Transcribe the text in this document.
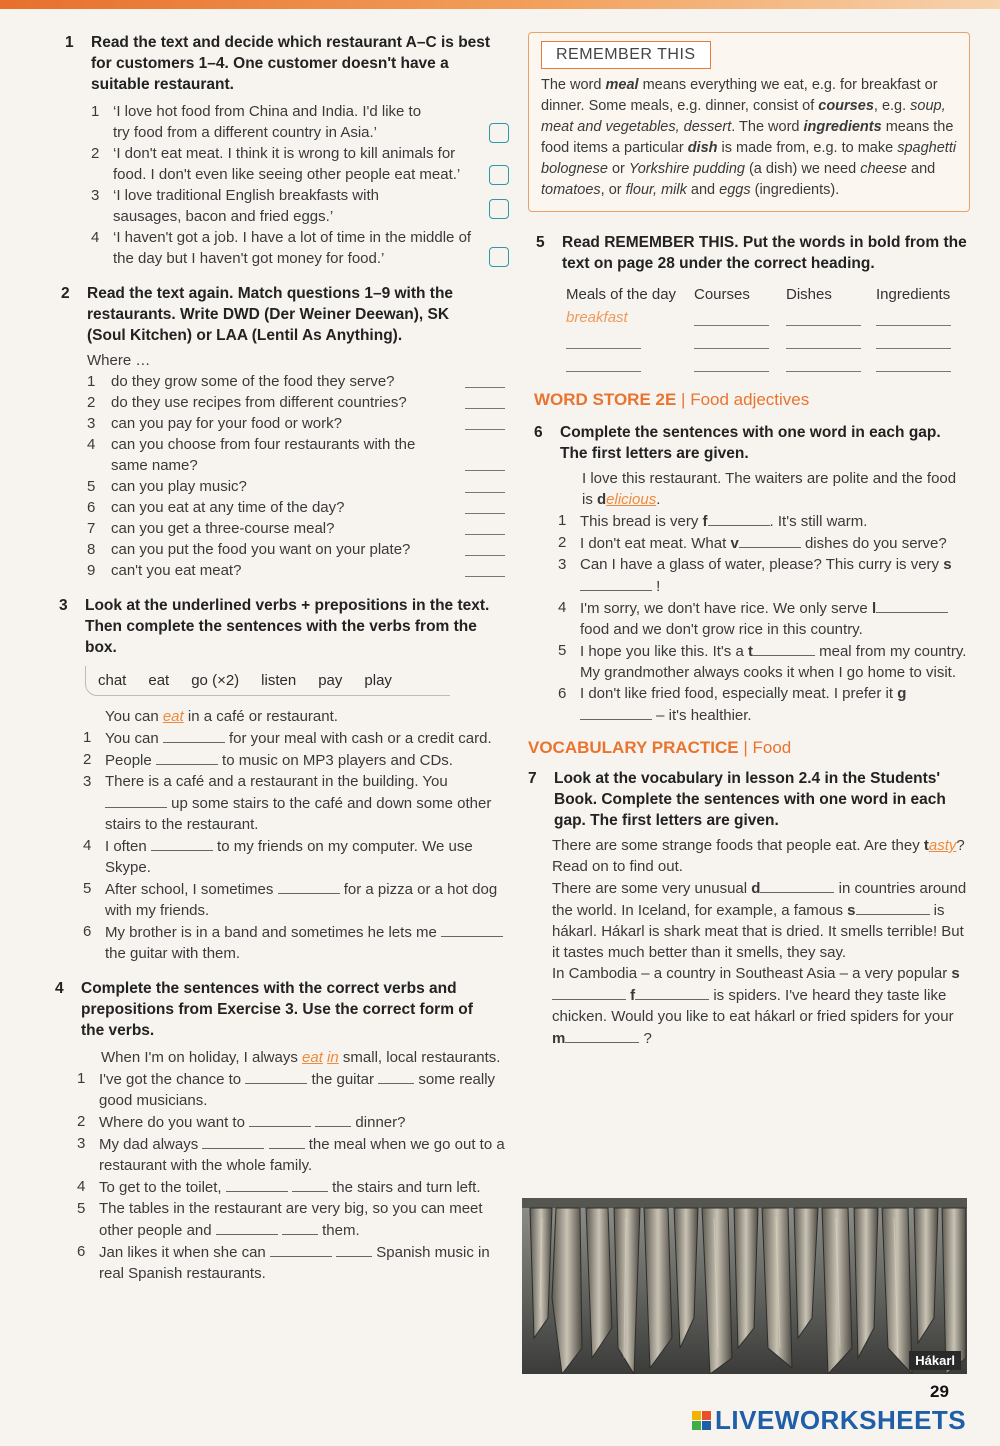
1	Read the text and decide which restaurant A–C is best for customers 1–4. One customer doesn't have a suitable restaurant.
1 ‘I love hot food from China and India. I'd like to try food from a different country in Asia.’
2 ‘I don't eat meat. I think it is wrong to kill animals for food. I don't even like seeing other people eat meat.’
3 ‘I love traditional English breakfasts with sausages, bacon and fried eggs.’
4 ‘I haven't got a job. I have a lot of time in the middle of the day but I haven't got money for food.’
2	Read the text again. Match questions 1–9 with the restaurants. Write DWD (Der Weiner Deewan), SK (Soul Kitchen) or LAA (Lentil As Anything).
Where …
1	do they grow some of the food they serve?
2	do they use recipes from different countries?
3	can you pay for your food or work?
4	can you choose from four restaurants with the same name?
5	can you play music?
6	can you eat at any time of the day?
7	can you get a three-course meal?
8	can you put the food you want on your plate?
9	can't you eat meat?
3	Look at the underlined verbs + prepositions in the text. Then complete the sentences with the verbs from the box.
chat eat go (×2) listen pay play
You can eat in a café or restaurant.
1 You can	for your meal with cash or a credit card.
2 People	to music on MP3 players and CDs.
3 There is a café and a restaurant in the building. You  up some stairs to the café and down some other stairs to the restaurant.
4 I often	to my friends on my computer. We use Skype.
5 After school, I sometimes	for a pizza or a hot dog with my friends.
6 My brother is in a band and sometimes he lets me  the guitar with them.
4	Complete the sentences with the correct verbs and prepositions from Exercise 3. Use the correct form of the verbs.
When I'm on holiday, I always eat in small, local restaurants.
1 I've got the chance to	the guitar  some really good musicians.
2 Where do you want to	dinner?
3 My dad always	the meal when we go out to a restaurant with the whole family.
4 To get to the toilet,	the stairs and turn left.
5 The tables in the restaurant are very big, so you can meet other people and	them.
6 Jan likes it when she can	Spanish music in real Spanish restaurants.
REMEMBER THIS

The word meal means everything we eat, e.g. for breakfast or dinner. Some meals, e.g. dinner, consist of courses, e.g. soup, meat and vegetables, dessert. The word ingredients means the food items a particular dish is made from, e.g. to make spaghetti bolognese or Yorkshire pudding (a dish) we need cheese and tomatoes, or flour, milk and eggs (ingredients).

5	Read REMEMBER THIS. Put the words in bold from the text on page 28 under the correct heading.
Meals of the day	Courses	Dishes	Ingredients
breakfast
WORD STORE 2E | Food adjectives
6	Complete the sentences with one word in each gap. The first letters are given.
I love this restaurant. The waiters are polite and the food is delicious.
1 This bread is very f	. It's still warm.
2 I don't eat meat. What v	dishes do you serve?
3 Can I have a glass of water, please? This curry is very s !
4 I'm sorry, we don't have rice. We only serve l food and we don't grow rice in this country.
5 I hope you like this. It's a t	meal from my country. My grandmother always cooks it when I go home to visit.
6 I don't like fried food, especially meat. I prefer it g – it's healthier.
VOCABULARY PRACTICE | Food
7	Look at the vocabulary in lesson 2.4 in the Students' Book. Complete the sentences with one word in each gap. The first letters are given.
There are some strange foods that people eat. Are they tasty? Read on to find out.
There are some very unusual d	in countries around the world. In Iceland, for example, a famous s	is hákarl. Hákarl is shark meat that is dried. It smells terrible! But it tastes much better than it smells, they say.
In Cambodia – a country in Southeast Asia – a very popular s f	is spiders. I've heard they taste like chicken. Would you like to eat hákarl or fried spiders for your m	?
Hákarl
29
LIVEWORKSHEETS
